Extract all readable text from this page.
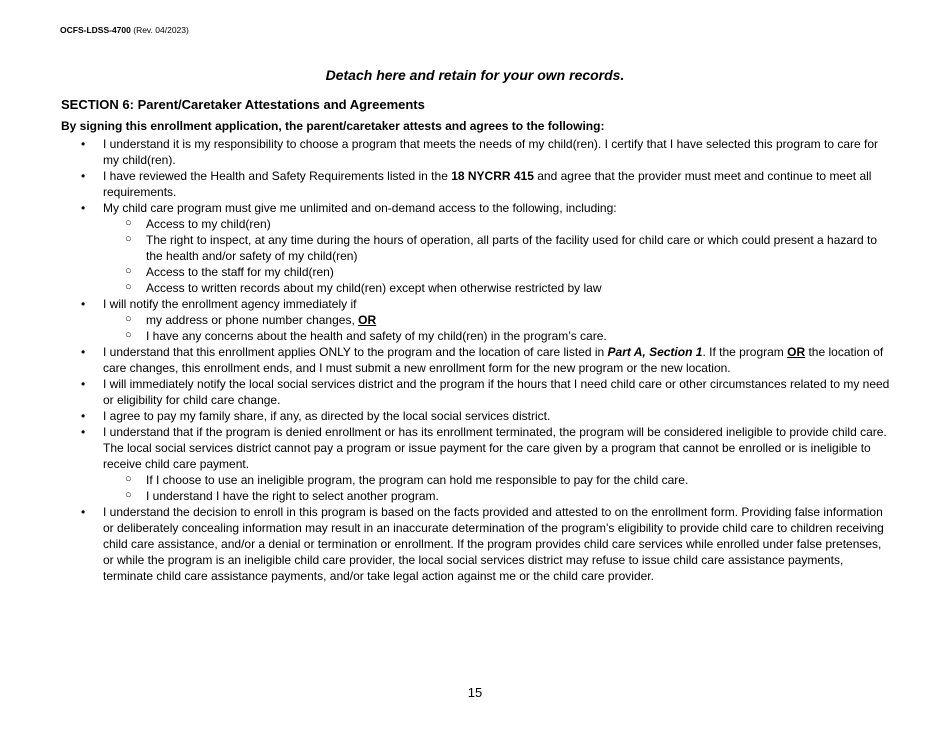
OCFS-LDSS-4700 (Rev. 04/2023)
Detach here and retain for your own records.
SECTION 6: Parent/Caretaker Attestations and Agreements
By signing this enrollment application, the parent/caretaker attests and agrees to the following:
• I understand it is my responsibility to choose a program that meets the needs of my child(ren). I certify that I have selected this program to care for my child(ren).
• I have reviewed the Health and Safety Requirements listed in the 18 NYCRR 415 and agree that the provider must meet and continue to meet all requirements.
• My child care program must give me unlimited and on-demand access to the following, including:
○ Access to my child(ren)
○ The right to inspect, at any time during the hours of operation, all parts of the facility used for child care or which could present a hazard to the health and/or safety of my child(ren)
○ Access to the staff for my child(ren)
○ Access to written records about my child(ren) except when otherwise restricted by law
• I will notify the enrollment agency immediately if
○ my address or phone number changes, OR
○ I have any concerns about the health and safety of my child(ren) in the program’s care.
• I understand that this enrollment applies ONLY to the program and the location of care listed in Part A, Section 1. If the program OR the location of care changes, this enrollment ends, and I must submit a new enrollment form for the new program or the new location.
• I will immediately notify the local social services district and the program if the hours that I need child care or other circumstances related to my need or eligibility for child care change.
• I agree to pay my family share, if any, as directed by the local social services district.
• I understand that if the program is denied enrollment or has its enrollment terminated, the program will be considered ineligible to provide child care. The local social services district cannot pay a program or issue payment for the care given by a program that cannot be enrolled or is ineligible to receive child care payment.
○ If I choose to use an ineligible program, the program can hold me responsible to pay for the child care.
○ I understand I have the right to select another program.
• I understand the decision to enroll in this program is based on the facts provided and attested to on the enrollment form. Providing false information or deliberately concealing information may result in an inaccurate determination of the program’s eligibility to provide child care to children receiving child care assistance, and/or a denial or termination or enrollment. If the program provides child care services while enrolled under false pretenses, or while the program is an ineligible child care provider, the local social services district may refuse to issue child care assistance payments, terminate child care assistance payments, and/or take legal action against me or the child care provider.
15
